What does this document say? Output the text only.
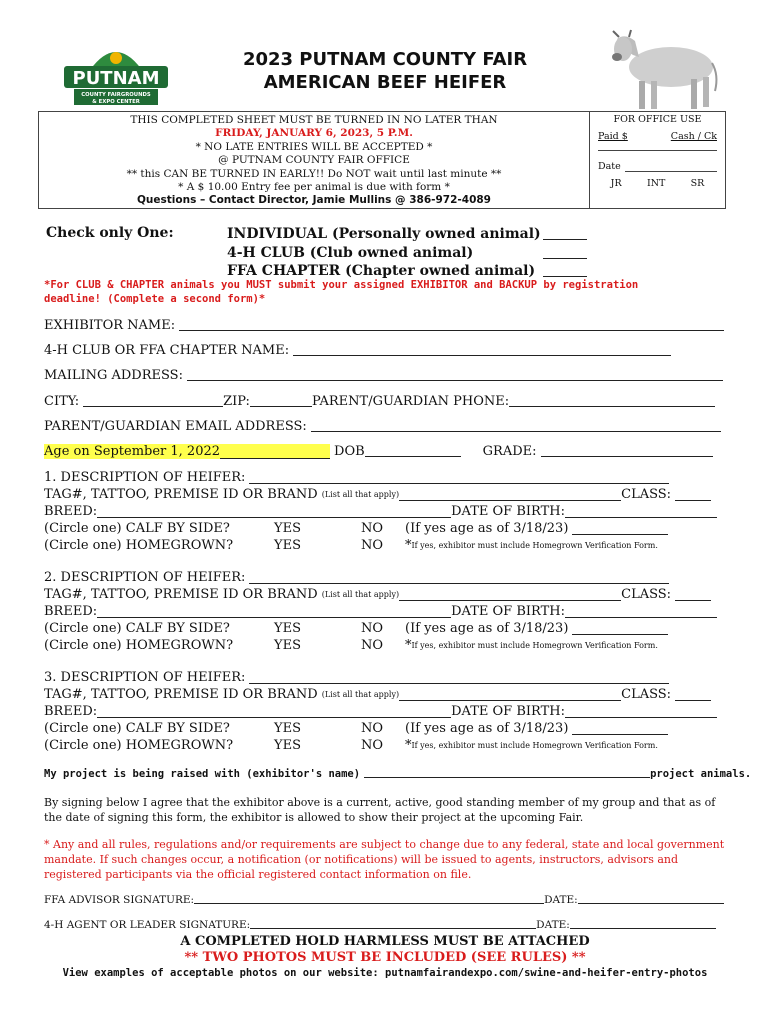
PUTNAM
COUNTY FAIRGROUNDS
& EXPO CENTER
2023 PUTNAM COUNTY FAIR
AMERICAN BEEF HEIFER
THIS COMPLETED SHEET MUST BE TURNED IN NO LATER THAN
FRIDAY, JANUARY 6, 2023, 5 P.M.
* NO LATE ENTRIES WILL BE ACCEPTED *
@ PUTNAM COUNTY FAIR OFFICE
** this CAN BE TURNED IN EARLY!! Do NOT wait until last minute **
* A $ 10.00 Entry fee per animal is due with form *
Questions – Contact Director, Jamie Mullins @ 386-972-4089
FOR OFFICE USE
Paid $	Cash / Ck
Date
JR	INT	SR
Check only One:	INDIVIDUAL (Personally owned animal)
4-H CLUB (Club owned animal)
FFA CHAPTER (Chapter owned animal)
*For CLUB & CHAPTER animals you MUST submit your assigned EXHIBITOR and BACKUP by registration deadline! (Complete a second form)*
EXHIBITOR NAME:
4-H CLUB OR FFA CHAPTER NAME:
MAILING ADDRESS:
CITY:	ZIP:	PARENT/GUARDIAN PHONE:
PARENT/GUARDIAN EMAIL ADDRESS:
Age on September 1, 2022	DOB	GRADE:
1. DESCRIPTION OF HEIFER:
TAG#, TATTOO, PREMISE ID OR BRAND (List all that apply)	CLASS:
BREED:	DATE OF BIRTH:
(Circle one) CALF BY SIDE?	YES	NO	(If yes age as of 3/18/23)
(Circle one) HOMEGROWN?	YES	NO	* If yes, exhibitor must include Homegrown Verification Form.
2. DESCRIPTION OF HEIFER:
TAG#, TATTOO, PREMISE ID OR BRAND (List all that apply)	CLASS:
BREED:	DATE OF BIRTH:
(Circle one) CALF BY SIDE?	YES	NO	(If yes age as of 3/18/23)
(Circle one) HOMEGROWN?	YES	NO	* If yes, exhibitor must include Homegrown Verification Form.
3. DESCRIPTION OF HEIFER:
TAG#, TATTOO, PREMISE ID OR BRAND (List all that apply)	CLASS:
BREED:	DATE OF BIRTH:
(Circle one) CALF BY SIDE?	YES	NO	(If yes age as of 3/18/23)
(Circle one) HOMEGROWN?	YES	NO	* If yes, exhibitor must include Homegrown Verification Form.
My project is being raised with (exhibitor's name)	project animals.
By signing below I agree that the exhibitor above is a current, active, good standing member of my group and that as of the date of signing this form, the exhibitor is allowed to show their project at the upcoming Fair.
* Any and all rules, regulations and/or requirements are subject to change due to any federal, state and local government mandate. If such changes occur, a notification (or notifications) will be issued to agents, instructors, advisors and registered participants via the official registered contact information on file.
FFA ADVISOR SIGNATURE:	DATE:
4-H AGENT OR LEADER SIGNATURE:	DATE:
A COMPLETED HOLD HARMLESS MUST BE ATTACHED
** TWO PHOTOS MUST BE INCLUDED (SEE RULES) **
View examples of acceptable photos on our website: putnamfairandexpo.com/swine-and-heifer-entry-photos
